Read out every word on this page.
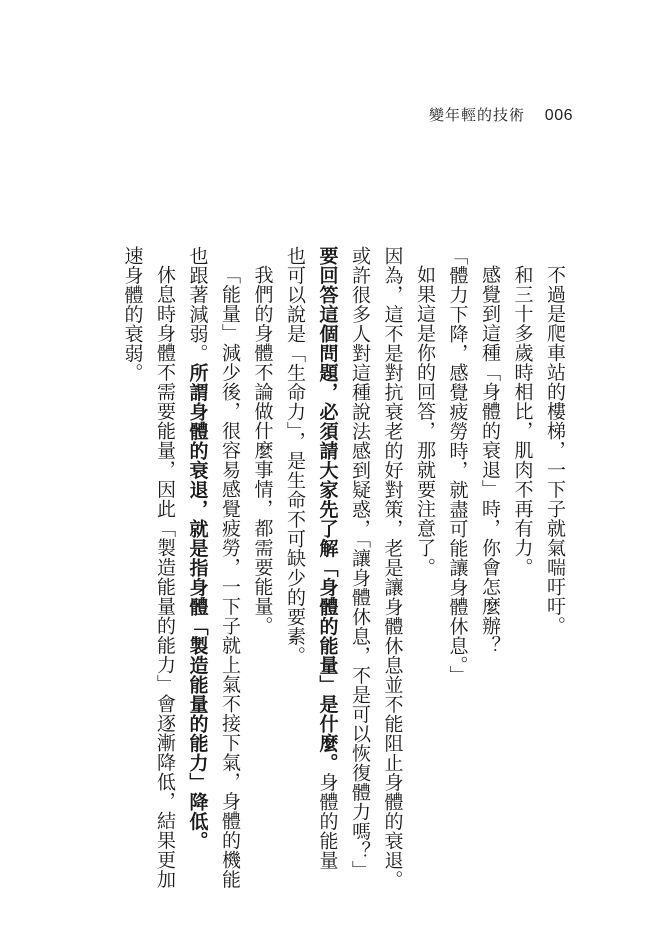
變年輕的技術 006
不過是爬車站的樓梯，一下子就氣喘吁吁。
和三十多歲時相比，肌肉不再有力。
感覺到這種「身體的衰退」時，你會怎麼辦？
「體力下降，感覺疲勞時，就盡可能讓身體休息。」
如果這是你的回答，那就要注意了。
因為，這不是對抗衰老的好對策，老是讓身體休息並不能阻止身體的衰退。
或許很多人對這種說法感到疑惑，「讓身體休息，不是可以恢復體力嗎？」
要回答這個問題，必須請大家先了解「身體的能量」是什麼。身體的能量
也可以說是「生命力」，是生命不可缺少的要素。
我們的身體不論做什麼事情，都需要能量。
「能量」減少後，很容易感覺疲勞，一下子就上氣不接下氣，身體的機能
也跟著減弱。所謂身體的衰退，就是指身體「製造能量的能力」降低。
休息時身體不需要能量，因此「製造能量的能力」會逐漸降低，結果更加
速身體的衰弱。
